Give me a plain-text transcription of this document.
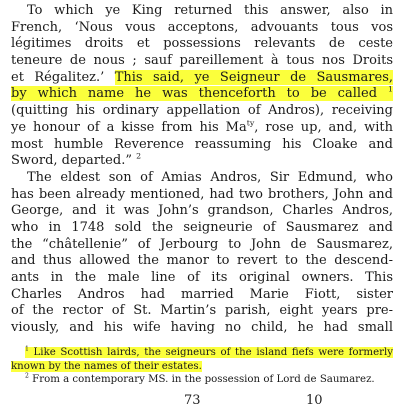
To which ye King returned this answer, also in
French, ‘Nous vous acceptons, advouants tous vos
légitimes droits et possessions relevants de ceste
teneure de nous ; sauf pareillement à tous nos Droits
et Régalitez.’ This said, ye Seigneur de Sausmares,
by which name he was thenceforth to be called $^1$
(quitting his ordinary appellation of Andros), receiving
ye honour of a kisse from his $Ma^{ty}$, rose up, and, with
most humble Reverence reassuming his Cloake and
Sword, departed.” $^2$
The eldest son of Amias Andros, Sir Edmund, who
has been already mentioned, had two brothers, John and
George, and it was John’s grandson, Charles Andros,
who in 1748 sold the seigneurie of Sausmarez and
the “châtellenie” of Jerbourg to John de Sausmarez,
and thus allowed the manor to revert to the descend-
ants in the male line of its original owners. This
Charles Andros had married Marie Fiott, sister
of the rector of St. Martin’s parish, eight years pre-
viously, and his wife having no child, he had small
$^1$ Like Scottish lairds, the seigneurs of the island fiefs were formerly
known by the names of their estates.
$^2$ From a contemporary MS. in the possession of Lord de Saumarez.
73	10
